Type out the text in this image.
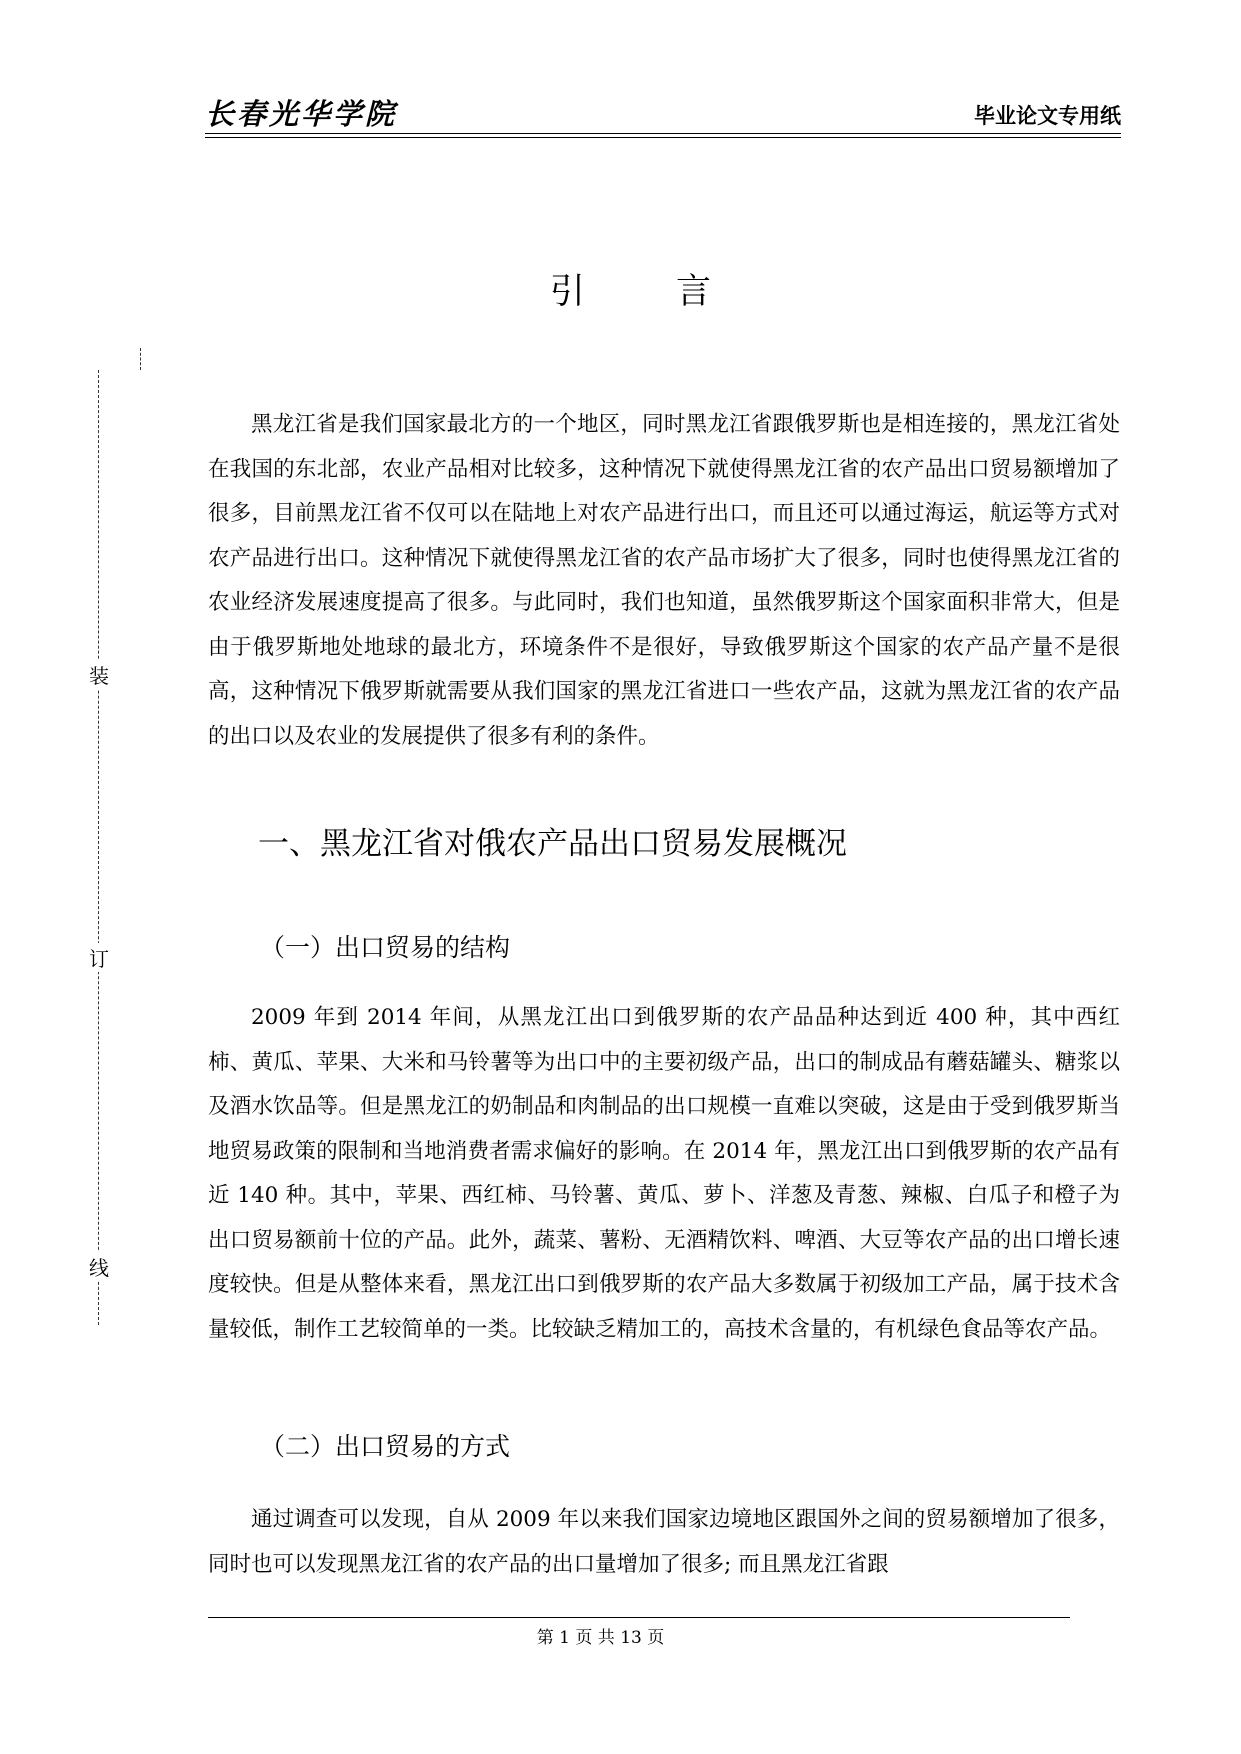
长春光华学院	毕业论文专用纸
装
订
线
引 言

黑龙江省是我们国家最北方的一个地区，同时黑龙江省跟俄罗斯也是相连接的，黑龙江省处在我国的东北部，农业产品相对比较多，这种情况下就使得黑龙江省的农产品出口贸易额增加了很多，目前黑龙江省不仅可以在陆地上对农产品进行出口，而且还可以通过海运，航运等方式对农产品进行出口。这种情况下就使得黑龙江省的农产品市场扩大了很多，同时也使得黑龙江省的农业经济发展速度提高了很多。与此同时，我们也知道，虽然俄罗斯这个国家面积非常大，但是由于俄罗斯地处地球的最北方，环境条件不是很好，导致俄罗斯这个国家的农产品产量不是很高，这种情况下俄罗斯就需要从我们国家的黑龙江省进口一些农产品，这就为黑龙江省的农产品的出口以及农业的发展提供了很多有利的条件。

一、黑龙江省对俄农产品出口贸易发展概况
（一）出口贸易的结构

2009 年到 2014 年间，从黑龙江出口到俄罗斯的农产品品种达到近 400 种，其中西红柿、黄瓜、苹果、大米和马铃薯等为出口中的主要初级产品，出口的制成品有蘑菇罐头、糖浆以及酒水饮品等。但是黑龙江的奶制品和肉制品的出口规模一直难以突破，这是由于受到俄罗斯当地贸易政策的限制和当地消费者需求偏好的影响。在 2014 年，黑龙江出口到俄罗斯的农产品有近 140 种。其中，苹果、西红柿、马铃薯、黄瓜、萝卜、洋葱及青葱、辣椒、白瓜子和橙子为出口贸易额前十位的产品。此外，蔬菜、薯粉、无酒精饮料、啤酒、大豆等农产品的出口增长速度较快。但是从整体来看，黑龙江出口到俄罗斯的农产品大多数属于初级加工产品，属于技术含量较低，制作工艺较简单的一类。比较缺乏精加工的，高技术含量的，有机绿色食品等农产品。

（二）出口贸易的方式

通过调查可以发现，自从 2009 年以来我们国家边境地区跟国外之间的贸易额增加了很多，同时也可以发现黑龙江省的农产品的出口量增加了很多; 而且黑龙江省跟

第 1 页 共 13 页
